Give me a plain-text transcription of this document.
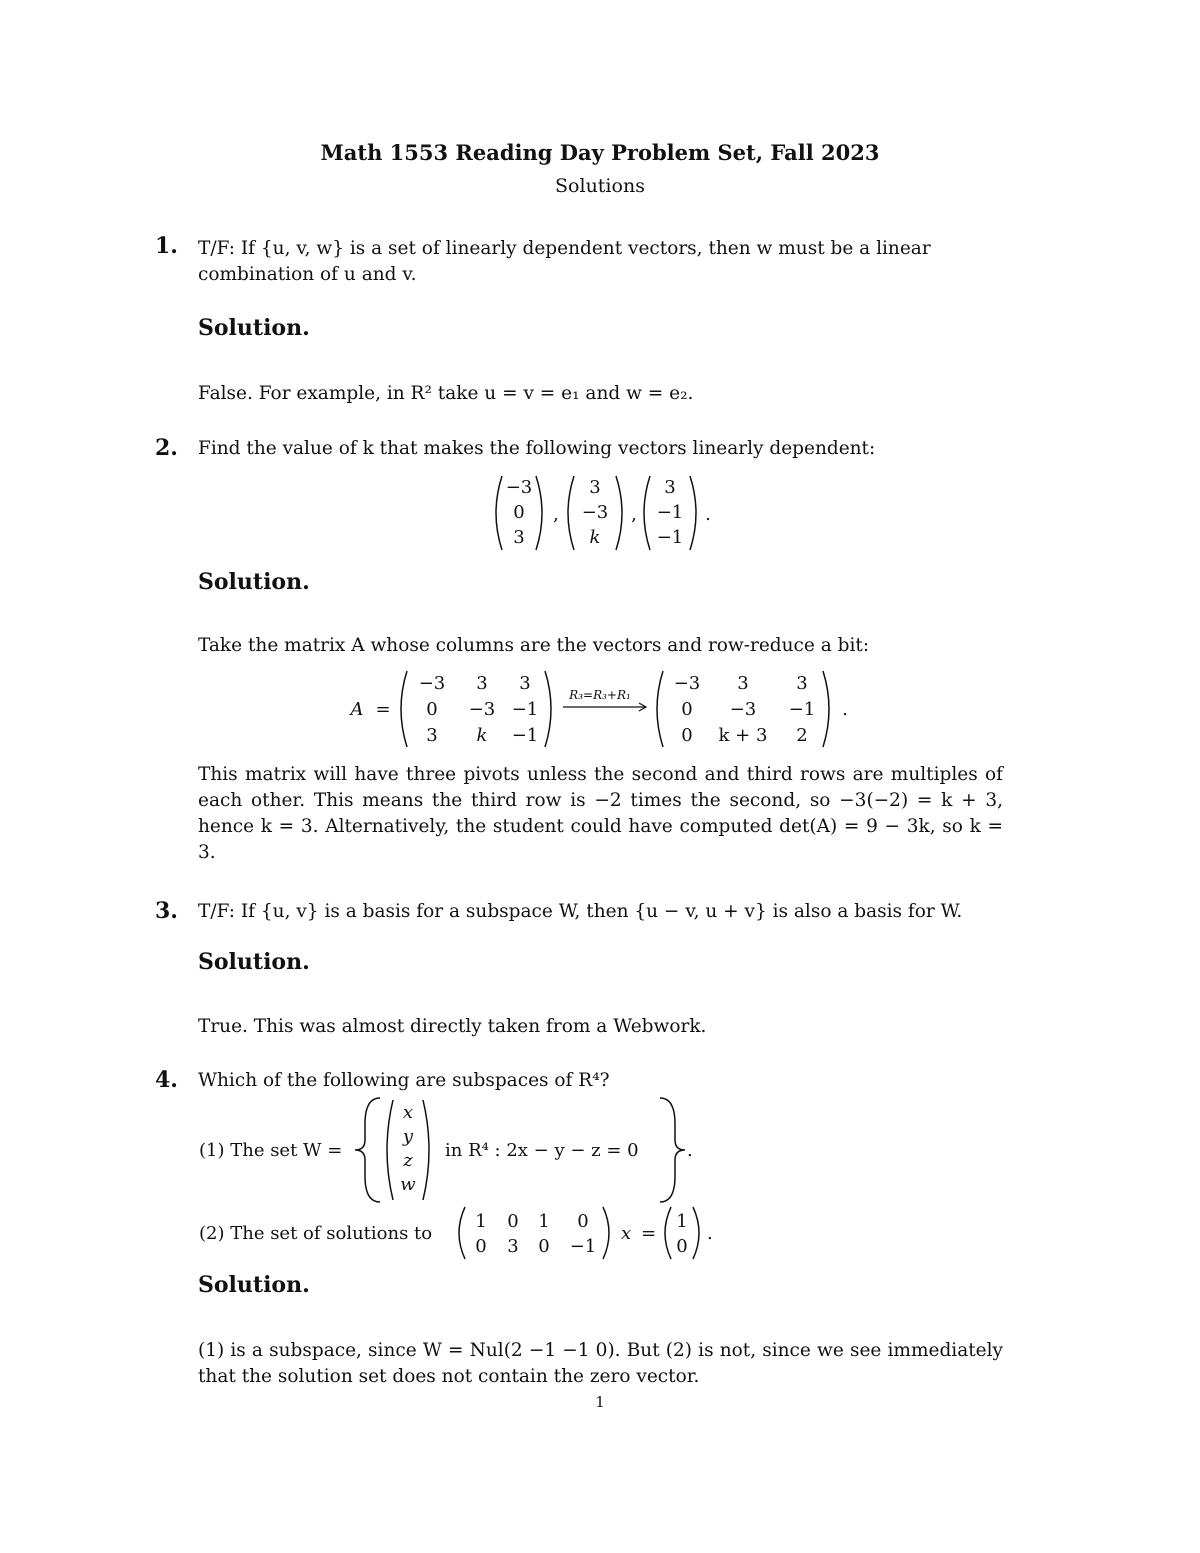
Math 1553 Reading Day Problem Set, Fall 2023
Solutions
1. T/F: If {u, v, w} is a set of linearly dependent vectors, then w must be a linear combination of u and v.
Solution.
False. For example, in R² take u = v = e₁ and w = e₂.
2. Find the value of k that makes the following vectors linearly dependent:
−3
0
3
,
3
−3
k
,
3
−1
−1
.
Solution.
Take the matrix A whose columns are the vectors and row-reduce a bit:
A =
−3 3 3
0 −3 −1
3 k −1
R₃=R₃+R₁
−3 3	3
0 −3 −1
0 k + 3 2
.
This matrix will have three pivots unless the second and third rows are multiples of each other. This means the third row is −2 times the second, so −3(−2) = k + 3, hence k = 3. Alternatively, the student could have computed det(A) = 9 − 3k, so k = 3.
3. T/F: If {u, v} is a basis for a subspace W, then {u − v, u + v} is also a basis for W.
Solution.
True. This was almost directly taken from a Webwork.
4. Which of the following are subspaces of R⁴?
(1) The set W =
x
y
z
w
in R⁴ : 2x − y − z = 0	.
(2) The set of solutions to
1 0 1 0
0 3 0 −1
x =
1
0
.
Solution.
(1) is a subspace, since W = Nul(2 −1 −1 0). But (2) is not, since we see immediately that the solution set does not contain the zero vector.
1
